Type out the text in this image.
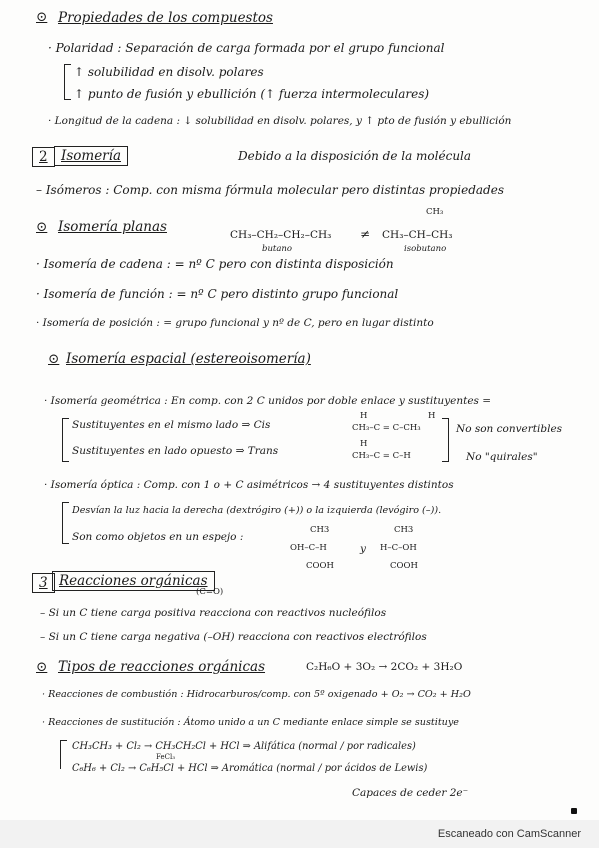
⊙ Propiedades de los compuestos
· Polaridad : Separación de carga formada por el grupo funcional
↑ solubilidad en disolv. polares
↑ punto de fusión y ebullición (↑ fuerza intermoleculares)
· Longitud de la cadena : ↓ solubilidad en disolv. polares, y ↑ pto de fusión y ebullición
2 Isomería	Debido a la disposición de la molécula
– Isómeros : Comp. con misma fórmula molecular pero distintas propiedades
⊙ Isomería planas	CH₃–CH₂–CH₂–CH₃
butano
≠
CH₃
CH₃–CH–CH₃
isobutano
· Isomería de cadena : = nº C pero con distinta disposición
· Isomería de función : = nº C pero distinto grupo funcional
· Isomería de posición : = grupo funcional y nº de C, pero en lugar distinto
⊙ Isomería espacial (estereoisomería)
· Isomería geométrica : En comp. con 2 C unidos por doble enlace y sustituyentes =
Sustituyentes en el mismo lado ⇒ Cis
Sustituyentes en lado opuesto ⇒ Trans
H	H
CH₃–C = C–CH₃
H
CH₃–C = C–H
No son convertibles
No "quirales"
· Isomería óptica : Comp. con 1 o + C asimétricos → 4 sustituyentes distintos
Desvían la luz hacia la derecha (dextrógiro (+)) o la izquierda (levógiro (–)).
Son como objetos en un espejo :
CH3
OH–C–H
COOH
y
CH3
H–C–OH
COOH
3 Reacciones orgánicas
(C=O)
– Si un C tiene carga positiva reacciona con reactivos nucleófilos
– Si un C tiene carga negativa (–OH) reacciona con reactivos electrófilos
⊙ Tipos de reacciones orgánicas	C₂H₆O + 3O₂ → 2CO₂ + 3H₂O
· Reacciones de combustión : Hidrocarburos/comp. con 5º oxigenado + O₂ → CO₂ + H₂O
· Reacciones de sustitución : Átomo unido a un C mediante enlace simple se sustituye
CH₃CH₃ + Cl₂ → CH₃CH₂Cl + HCl ⇒ Alifática (normal / por radicales)
FeCl₃
C₆H₆ + Cl₂ → C₆H₅Cl + HCl ⇒ Aromática (normal / por ácidos de Lewis)
Capaces de ceder 2e⁻
Escaneado con CamScanner
